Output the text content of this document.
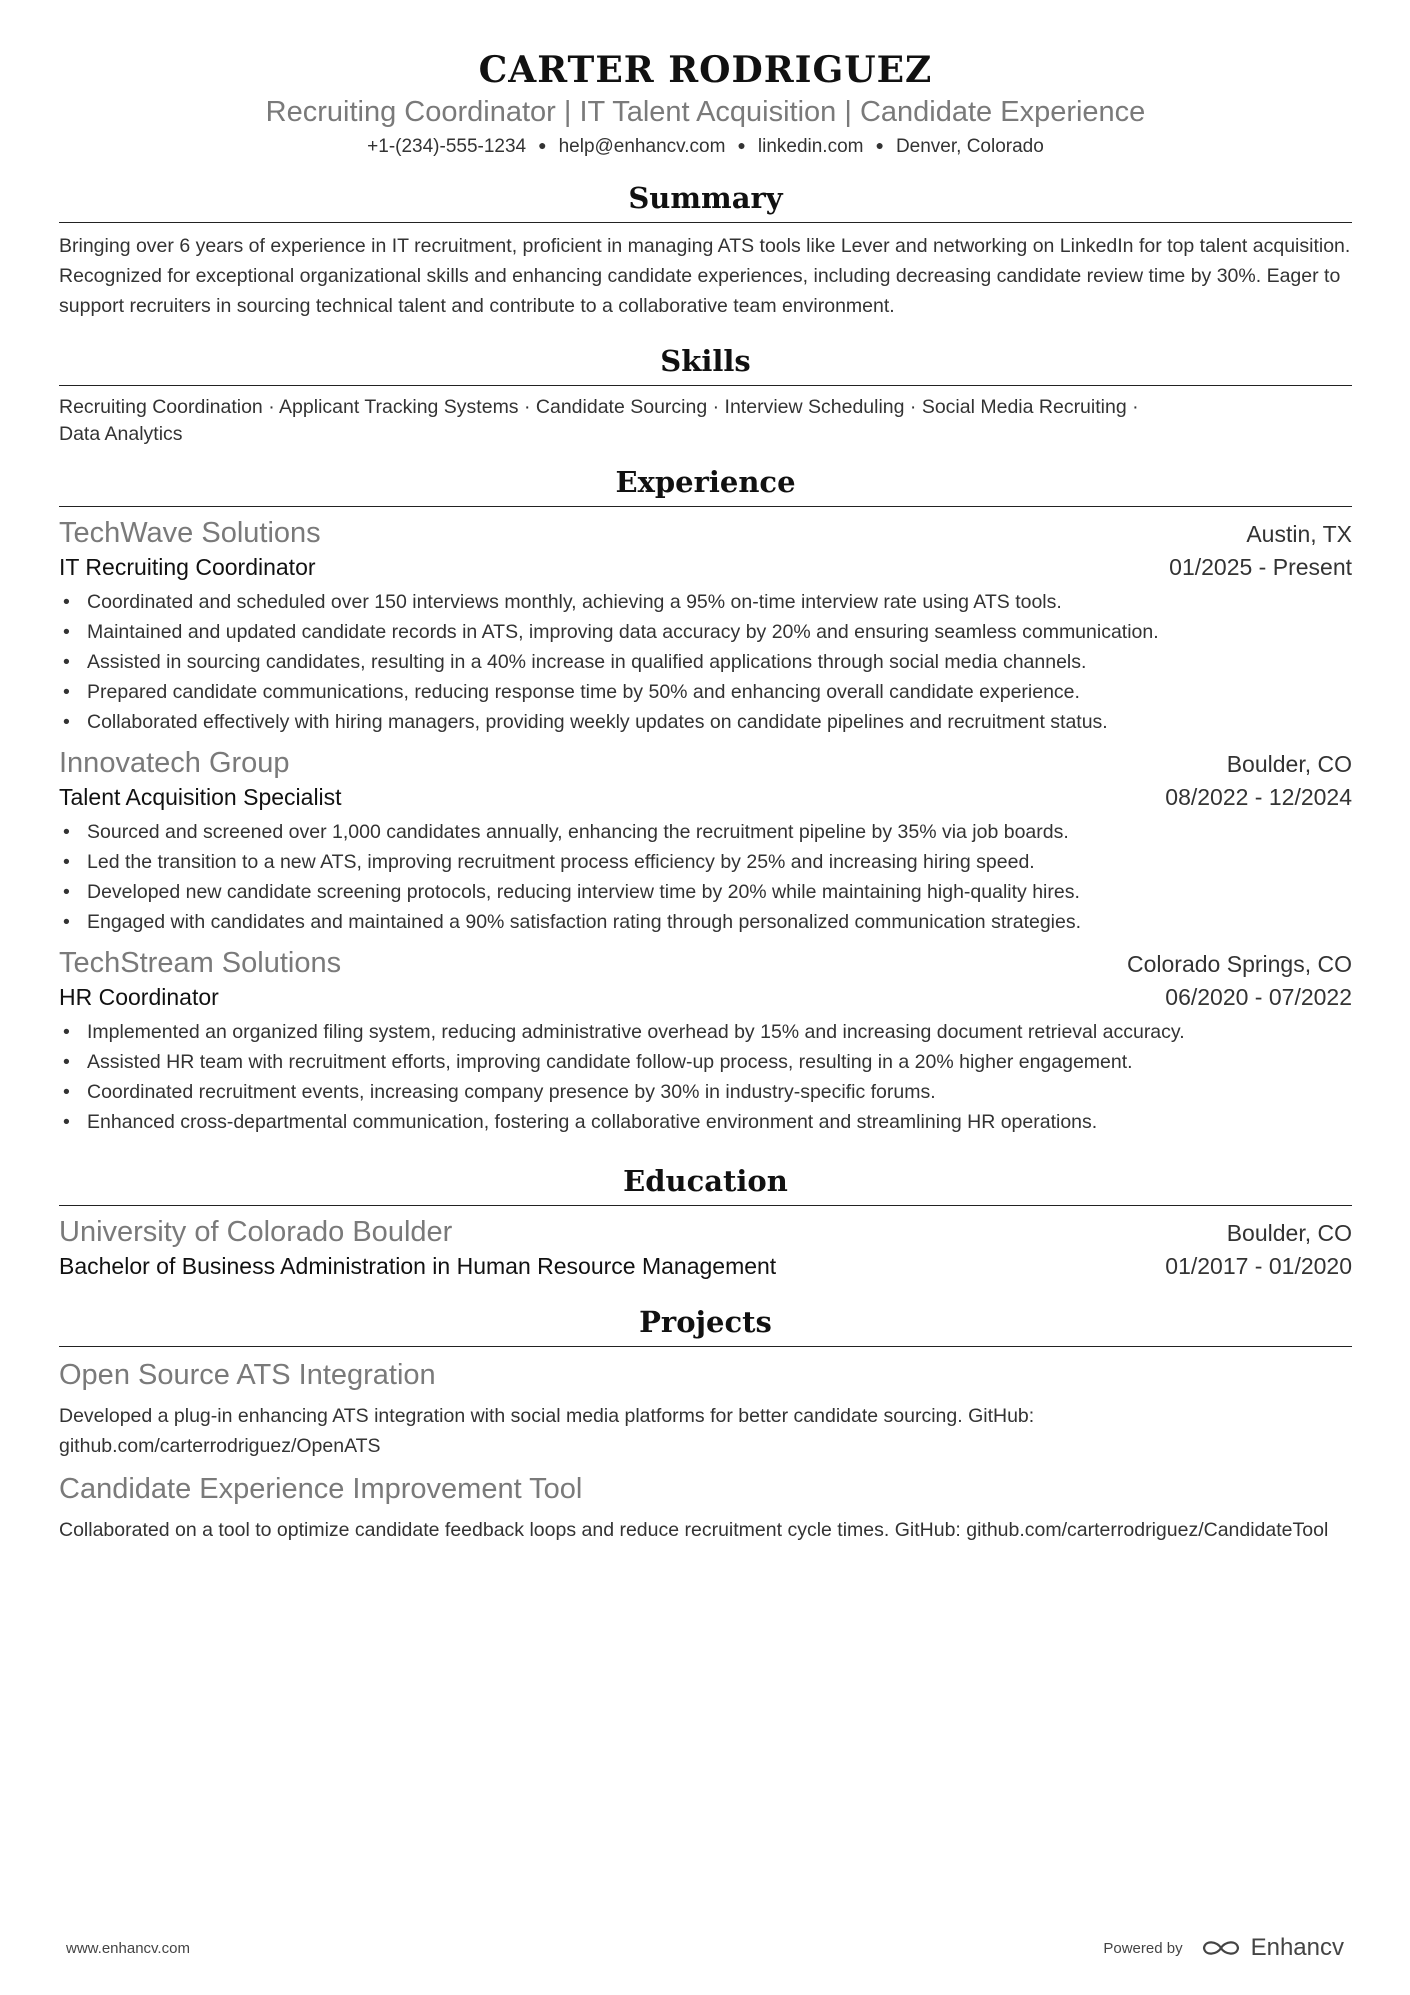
CARTER RODRIGUEZ
Recruiting Coordinator | IT Talent Acquisition | Candidate Experience
+1-(234)-555-1234 ● help@enhancv.com ● linkedin.com ● Denver, Colorado
Summary
Bringing over 6 years of experience in IT recruitment, proficient in managing ATS tools like Lever and networking on LinkedIn for top talent acquisition. Recognized for exceptional organizational skills and enhancing candidate experiences, including decreasing candidate review time by 30%. Eager to support recruiters in sourcing technical talent and contribute to a collaborative team environment.
Skills
Recruiting Coordination · Applicant Tracking Systems · Candidate Sourcing · Interview Scheduling · Social Media Recruiting ·
Data Analytics
Experience
TechWave Solutions	Austin, TX
IT Recruiting Coordinator	01/2025 - Present
• Coordinated and scheduled over 150 interviews monthly, achieving a 95% on-time interview rate using ATS tools.
• Maintained and updated candidate records in ATS, improving data accuracy by 20% and ensuring seamless communication.
• Assisted in sourcing candidates, resulting in a 40% increase in qualified applications through social media channels.
• Prepared candidate communications, reducing response time by 50% and enhancing overall candidate experience.
• Collaborated effectively with hiring managers, providing weekly updates on candidate pipelines and recruitment status.
Innovatech Group	Boulder, CO
Talent Acquisition Specialist	08/2022 - 12/2024
• Sourced and screened over 1,000 candidates annually, enhancing the recruitment pipeline by 35% via job boards.
• Led the transition to a new ATS, improving recruitment process efficiency by 25% and increasing hiring speed.
• Developed new candidate screening protocols, reducing interview time by 20% while maintaining high-quality hires.
• Engaged with candidates and maintained a 90% satisfaction rating through personalized communication strategies.
TechStream Solutions	Colorado Springs, CO
HR Coordinator	06/2020 - 07/2022
• Implemented an organized filing system, reducing administrative overhead by 15% and increasing document retrieval accuracy.
• Assisted HR team with recruitment efforts, improving candidate follow-up process, resulting in a 20% higher engagement.
• Coordinated recruitment events, increasing company presence by 30% in industry-specific forums.
• Enhanced cross-departmental communication, fostering a collaborative environment and streamlining HR operations.
Education
University of Colorado Boulder	Boulder, CO
Bachelor of Business Administration in Human Resource Management	01/2017 - 01/2020
Projects
Open Source ATS Integration
Developed a plug-in enhancing ATS integration with social media platforms for better candidate sourcing. GitHub: github.com/carterrodriguez/OpenATS
Candidate Experience Improvement Tool
Collaborated on a tool to optimize candidate feedback loops and reduce recruitment cycle times. GitHub: github.com/carterrodriguez/CandidateTool
www.enhancv.com	Powered by	Enhancv
